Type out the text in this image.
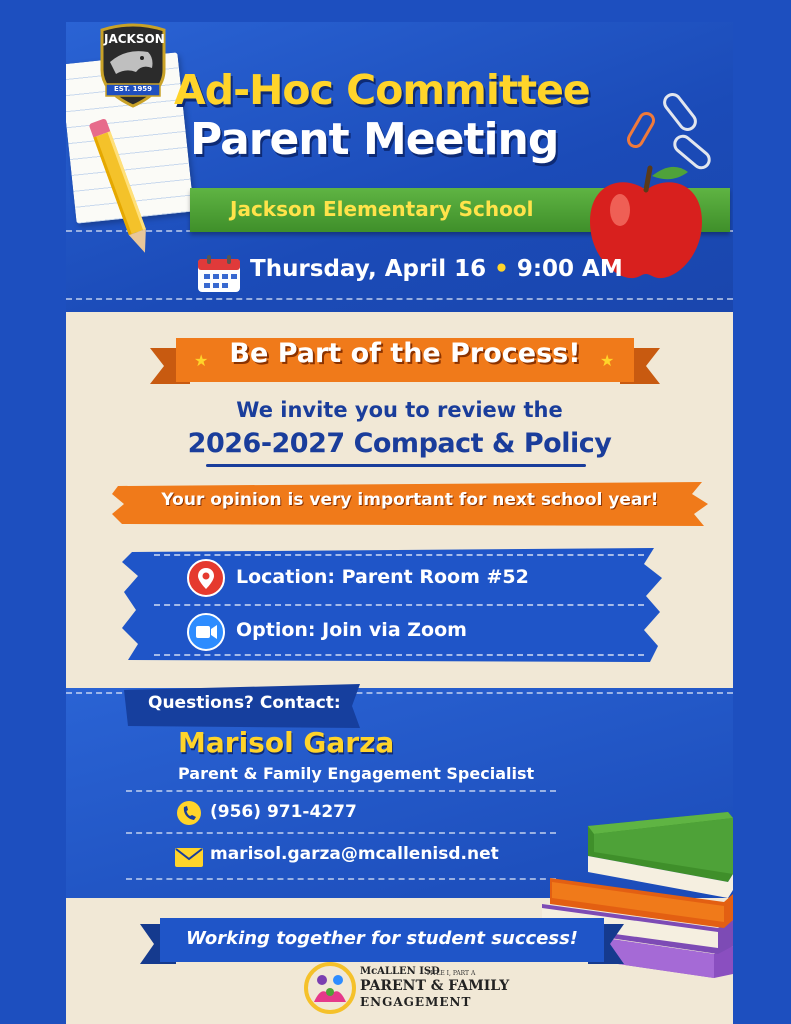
JACKSON
EST. 1959 Ad-Hoc Committee
Parent Meeting
Jackson Elementary School
Thursday, April 16 • 9:00 AM
★	★
Be Part of the Process!
We invite you to review the
2026-2027 Compact & Policy
Your opinion is very important for next school year!
Location: Parent Room #52
Option: Join via Zoom
Questions? Contact:
Marisol Garza
Parent & Family Engagement Specialist
(956) 971-4277
marisol.garza@mcallenisd.net
Working together for student success!
McALLEN ISD
TITLE I, PART A
PARENT & FAMILY
ENGAGEMENT
